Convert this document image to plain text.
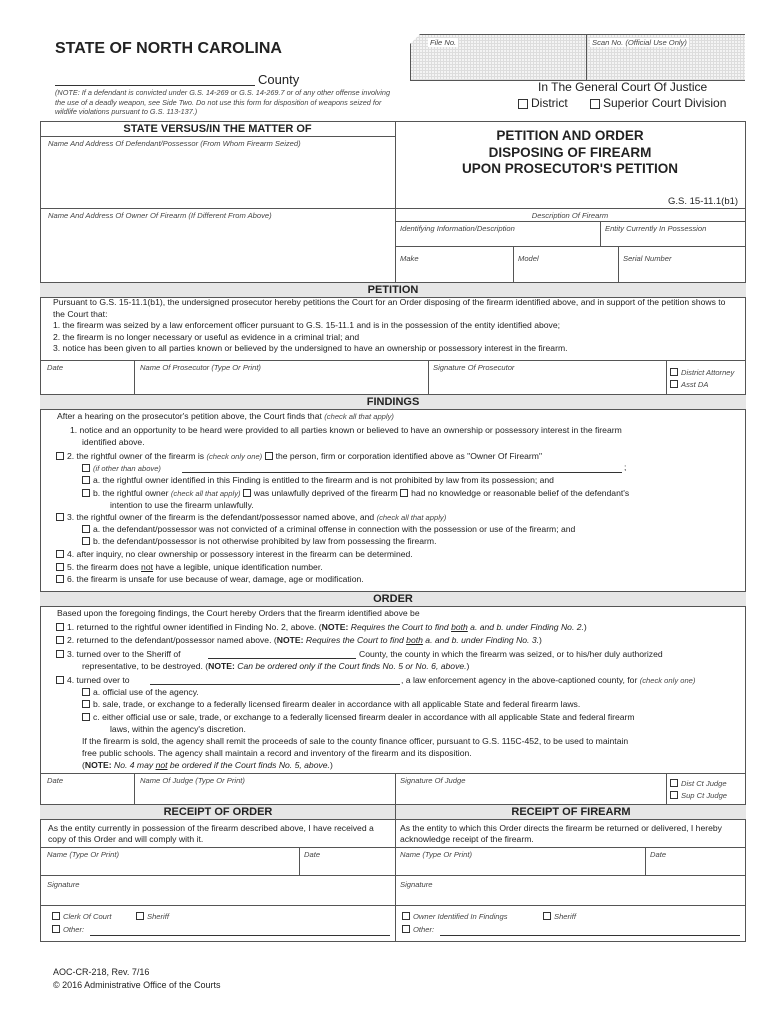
File No.	Scan No. (Official Use Only)
STATE OF NORTH CAROLINA
County
(NOTE: If a defendant is convicted under G.S. 14-269 or G.S. 14-269.7 or of any other offense involving the use of a deadly weapon, see Side Two. Do not use this form for disposition of weapons seized for wildlife violations pursuant to G.S. 113-137.)
In The General Court Of Justice
District	Superior Court Division
STATE VERSUS/IN THE MATTER OF
Name And Address Of Defendant/Possessor (From Whom Firearm Seized)
PETITION AND ORDER
DISPOSING OF FIREARM
UPON PROSECUTOR'S PETITION
G.S. 15-11.1(b1)
Name And Address Of Owner Of Firearm (If Different From Above)	Description Of Firearm
Identifying Information/Description	Entity Currently In Possession
Make	Model	Serial Number
PETITION
Pursuant to G.S. 15-11.1(b1), the undersigned prosecutor hereby petitions the Court for an Order disposing of the firearm identified above, and in support of the petition shows to the Court that:
1. the firearm was seized by a law enforcement officer pursuant to G.S. 15-11.1 and is in the possession of the entity identified above;
2. the firearm is no longer necessary or useful as evidence in a criminal trial; and
3. notice has been given to all parties known or believed by the undersigned to have an ownership or possessory interest in the firearm.
Date	Name Of Prosecutor (Type Or Print)	Signature Of Prosecutor
District Attorney
Asst DA
FINDINGS
After a hearing on the prosecutor's petition above, the Court finds that (check all that apply)
1. notice and an opportunity to be heard were provided to all parties known or believed to have an ownership or possessory interest in the firearm
identified above.
2. the rightful owner of the firearm is (check only one) the person, firm or corporation identified above as "Owner Of Firearm"
(if other than above)	;
a. the rightful owner identified in this Finding is entitled to the firearm and is not prohibited by law from its possession; and
b. the rightful owner (check all that apply) was unlawfully deprived of the firearm had no knowledge or reasonable belief of the defendant's
intention to use the firearm unlawfully.
3. the rightful owner of the firearm is the defendant/possessor named above, and (check all that apply)
a. the defendant/possessor was not convicted of a criminal offense in connection with the possession or use of the firearm; and
b. the defendant/possessor is not otherwise prohibited by law from possessing the firearm.
4. after inquiry, no clear ownership or possessory interest in the firearm can be determined.
5. the firearm does not have a legible, unique identification number.
6. the firearm is unsafe for use because of wear, damage, age or modification.
ORDER
Based upon the foregoing findings, the Court hereby Orders that the firearm identified above be
1. returned to the rightful owner identified in Finding No. 2, above. (NOTE: Requires the Court to find both a. and b. under Finding No. 2.)
2. returned to the defendant/possessor named above. (NOTE: Requires the Court to find both a. and b. under Finding No. 3.)
3. turned over to the Sheriff of	County, the county in which the firearm was seized, or to his/her duly authorized
representative, to be destroyed. (NOTE: Can be ordered only if the Court finds No. 5 or No. 6, above.)
4. turned over to	, a law enforcement agency in the above-captioned county, for (check only one)
a. official use of the agency.
b. sale, trade, or exchange to a federally licensed firearm dealer in accordance with all applicable State and federal firearm laws.
c. either official use or sale, trade, or exchange to a federally licensed firearm dealer in accordance with all applicable State and federal firearm
laws, within the agency's discretion.
If the firearm is sold, the agency shall remit the proceeds of sale to the county finance officer, pursuant to G.S. 115C-452, to be used to maintain
free public schools. The agency shall maintain a record and inventory of the firearm and its disposition.
(NOTE: No. 4 may not be ordered if the Court finds No. 5, above.)
Date	Name Of Judge (Type Or Print)	Signature Of Judge	Dist Ct Judge
Sup Ct Judge
RECEIPT OF ORDER	RECEIPT OF FIREARM
As the entity currently in possession of the firearm described above, I have received a copy of this Order and will comply with it.
As the entity to which this Order directs the firearm be returned or delivered, I hereby acknowledge receipt of the firearm.
Name (Type Or Print)	Date	Name (Type Or Print)	Date
Signature	Signature
Clerk Of Court	Sheriff
Other:
Owner Identified In Findings	Sheriff
Other:
AOC-CR-218, Rev. 7/16
© 2016 Administrative Office of the Courts
